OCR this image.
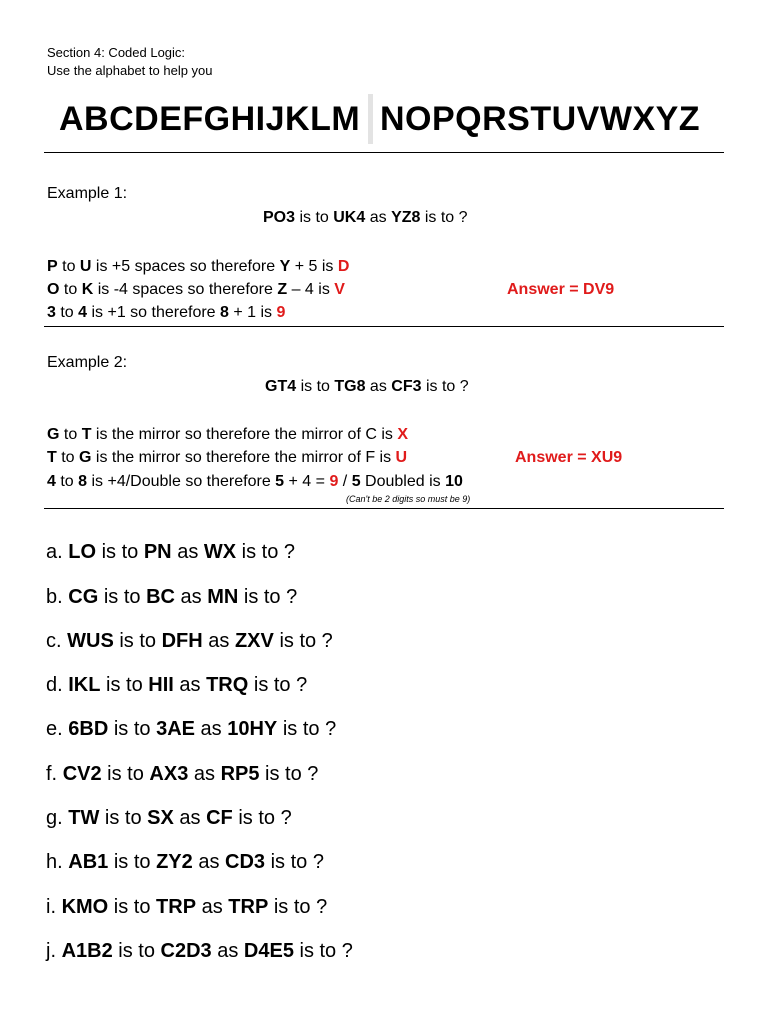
Section 4: Coded Logic:
Use the alphabet to help you
ABCDEFGHIJKLM NOPQRSTUVWXYZ
Example 1:
PO3 is to UK4 as YZ8 is to ?
P to U is +5 spaces so therefore Y + 5 is D
O to K is -4 spaces so therefore Z – 4 is V	Answer = DV9
3 to 4 is +1 so therefore 8 + 1 is 9
Example 2:
GT4 is to TG8 as CF3 is to ?
G to T is the mirror so therefore the mirror of C is X
T to G is the mirror so therefore the mirror of F is U	Answer = XU9
4 to 8 is +4/Double so therefore 5 + 4 = 9 / 5 Doubled is 10
(Can't be 2 digits so must be 9)
a. LO is to PN as WX is to ?
b. CG is to BC as MN is to ?
c. WUS is to DFH as ZXV is to ?
d. IKL is to HII as TRQ is to ?
e. 6BD is to 3AE as 10HY is to ?
f. CV2 is to AX3 as RP5 is to ?
g. TW is to SX as CF is to ?
h. AB1 is to ZY2 as CD3 is to ?
i. KMO is to TRP as TRP is to ?
j. A1B2 is to C2D3 as D4E5 is to ?
